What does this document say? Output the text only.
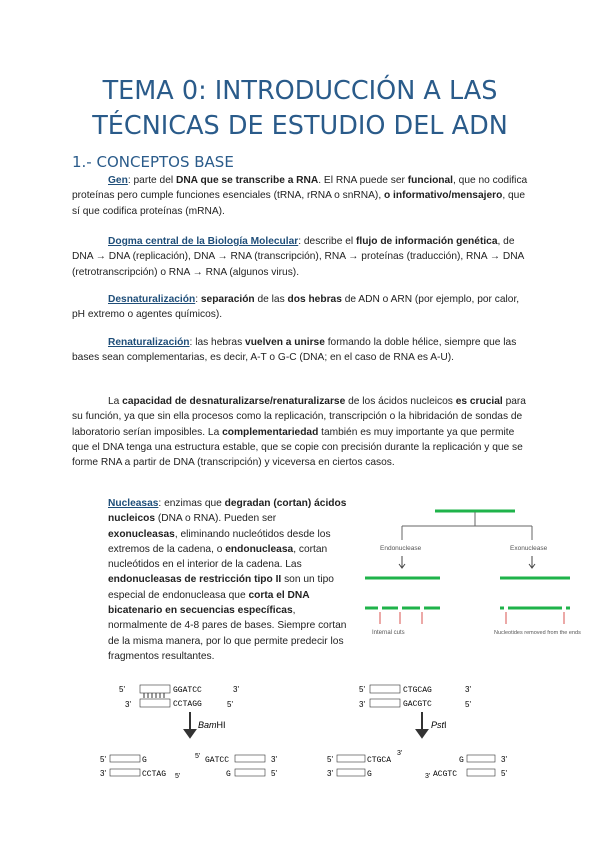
TEMA 0: INTRODUCCIÓN A LAS
TÉCNICAS DE ESTUDIO DEL ADN
1.- CONCEPTOS BASE
Gen: parte del DNA que se transcribe a RNA. El RNA puede ser funcional, que no codifica proteínas pero cumple funciones esenciales (tRNA, rRNA o snRNA), o informativo/mensajero, que sí que codifica proteínas (mRNA).
Dogma central de la Biología Molecular: describe el flujo de información genética, de DNA → DNA (replicación), DNA → RNA (transcripción), RNA → proteínas (traducción), RNA → DNA (retrotranscripción) o RNA → RNA (algunos virus).
Desnaturalización: separación de las dos hebras de ADN o ARN (por ejemplo, por calor, pH extremo o agentes químicos).
Renaturalización: las hebras vuelven a unirse formando la doble hélice, siempre que las bases sean complementarias, es decir, A-T o G-C (DNA; en el caso de RNA es A-U).
La capacidad de desnaturalizarse/renaturalizarse de los ácidos nucleicos es crucial para su función, ya que sin ella procesos como la replicación, transcripción o la hibridación de sondas de laboratorio serían imposibles. La complementariedad también es muy importante ya que permite que el DNA tenga una estructura estable, que se copie con precisión durante la replicación y que se forme RNA a partir de DNA (transcripción) y viceversa en ciertos casos.
Nucleasas: enzimas que degradan (cortan) ácidos nucleicos (DNA o RNA). Pueden ser exonucleasas, eliminando nucleótidos desde los extremos de la cadena, o endonucleasa, cortan nucleótidos en el interior de la cadena. Las endonucleasas de restricción tipo II son un tipo especial de endonucleasa que corta el DNA bicatenario en secuencias específicas, normalmente de 4-8 pares de bases. Siempre cortan de la misma manera, por lo que permite predecir los fragmentos resultantes.
Endonuclease	Exonuclease
Internal cuts	Nucleotides removed from the ends
5'	GGATCC	3'
3'	CCTAGG	5'
BamHI
5'	G
3'	CCTAG 5'
5' GATCC	3'
G	5'
5'	CTGCAG	3'
3'	GACGTC	5'
PstI
5'	CTGCA
3'	G
3'
3'
G	3'
ACGTC	5'
